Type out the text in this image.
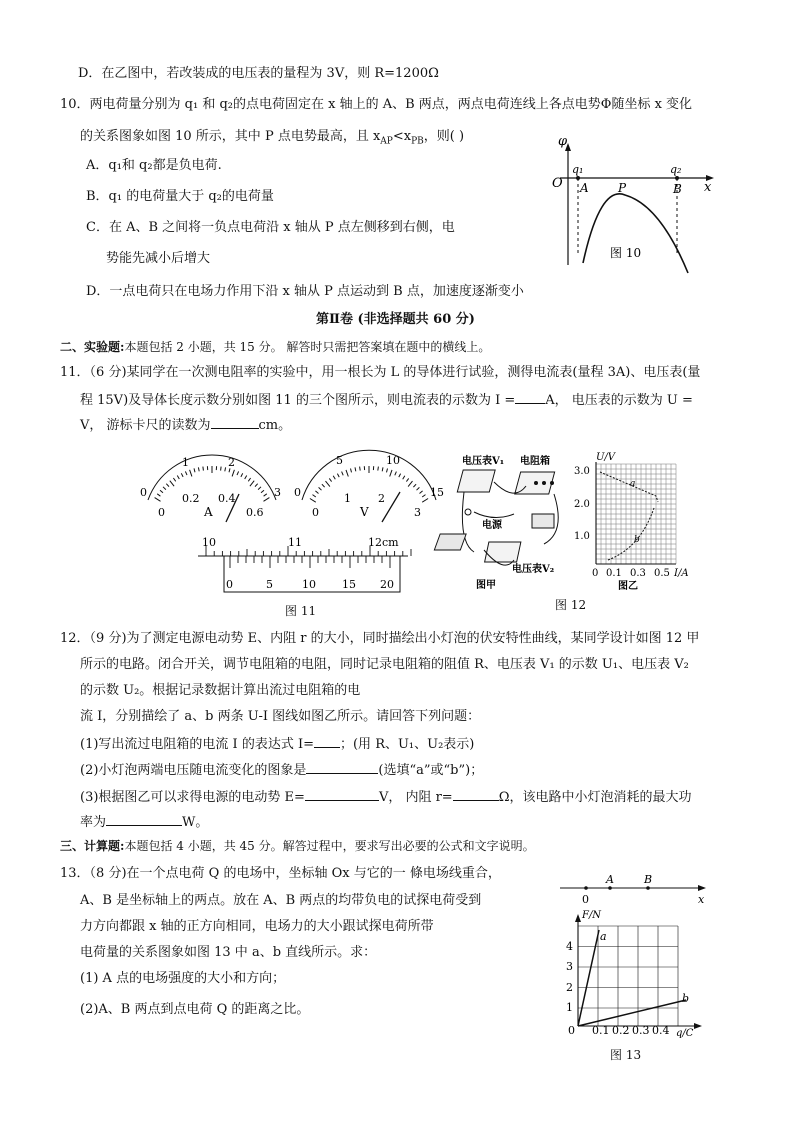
D．在乙图中，若改装成的电压表的量程为 3V，则 R=1200Ω
10．两电荷量分别为 q₁ 和 q₂的点电荷固定在 x 轴上的 A、B 两点，两点电荷连线上各点电势Φ随坐标 x 变化
的关系图象如图 10 所示，其中 P 点电势最高，且 $x_{AP}<x_{PB}$，则( )
A．q₁和 q₂都是负电荷.
B．q₁ 的电荷量大于 q₂的电荷量
C．在 A、B 之间将一负点电荷沿 x 轴从 P 点左侧移到右侧，电
势能先减小后增大
D．一点电荷只在电场力作用下沿 x 轴从 P 点运动到 B 点，加速度逐渐变小
φ
x
O
q₁	q₂
A P	B
图 10
第Ⅱ卷 (非选择题共 60 分)
二、实验题:本题包括 2 小题，共 15 分。 解答时只需把答案填在题中的横线上。
11．（6 分)某同学在一次测电阻率的实验中，用一根长为 L 的导体进行试验，测得电流表(量程 3A)、电压表(量
程 15V)及导体长度示数分别如图 11 的三个图所示，则电流表的示数为 I = A， 电压表的示数为 U =
V， 游标卡尺的读数为	cm。
0
1	2
3
0
0.2 0.4
0.6
A
0
5	10
15
0
1 2
3
V
10	11	12cm
0	5	10 15 20
图 11
电压表V₁ 电阻箱
电源
电压表V₂
图甲
U/V
I/A
3.0
2.0
1.0
0 0.1 0.3 0.5
a
b
图乙
图 12
12．（9 分)为了测定电源电动势 E、内阻 r 的大小，同时描绘出小灯泡的伏安特性曲线，某同学设计如图 12 甲
所示的电路。闭合开关，调节电阻箱的电阻，同时记录电阻箱的阻值 R、电压表 V₁ 的示数 U₁、电压表 V₂
的示数 U₂。根据记录数据计算出流过电阻箱的电
流 I，分别描绘了 a、b 两条 U-I 图线如图乙所示。请回答下列问题：
(1)写出流过电阻箱的电流 I 的表达式 I= ；(用 R、U₁、U₂表示)
(2)小灯泡两端电压随电流变化的图象是	(选填“a”或“b”)；
(3)根据图乙可以求得电源的电动势 E=	V， 内阻 r=	Ω，该电路中小灯泡消耗的最大功
率为	W。
三、计算题:本题包括 4 小题，共 45 分。解答过程中，要求写出必要的公式和文字说明。
13．（8 分)在一个点电荷 Q 的电场中，坐标轴 Ox 与它的一 條电场线重合，
A、B 是坐标轴上的两点。放在 A、B 两点的均带负电的试探电荷受到
力方向都跟 x 轴的正方向相同，电场力的大小跟试探电荷所带
电荷量的关系图象如图 13 中 a、b 直线所示。求：
(1) A 点的电场强度的大小和方向；
(2)A、B 两点到点电荷 Q 的距离之比。
0
A	B
x
F/N
4
3
2
1
0 0.1 0.2 0.3 0.4 q/C
a
b
图 13
